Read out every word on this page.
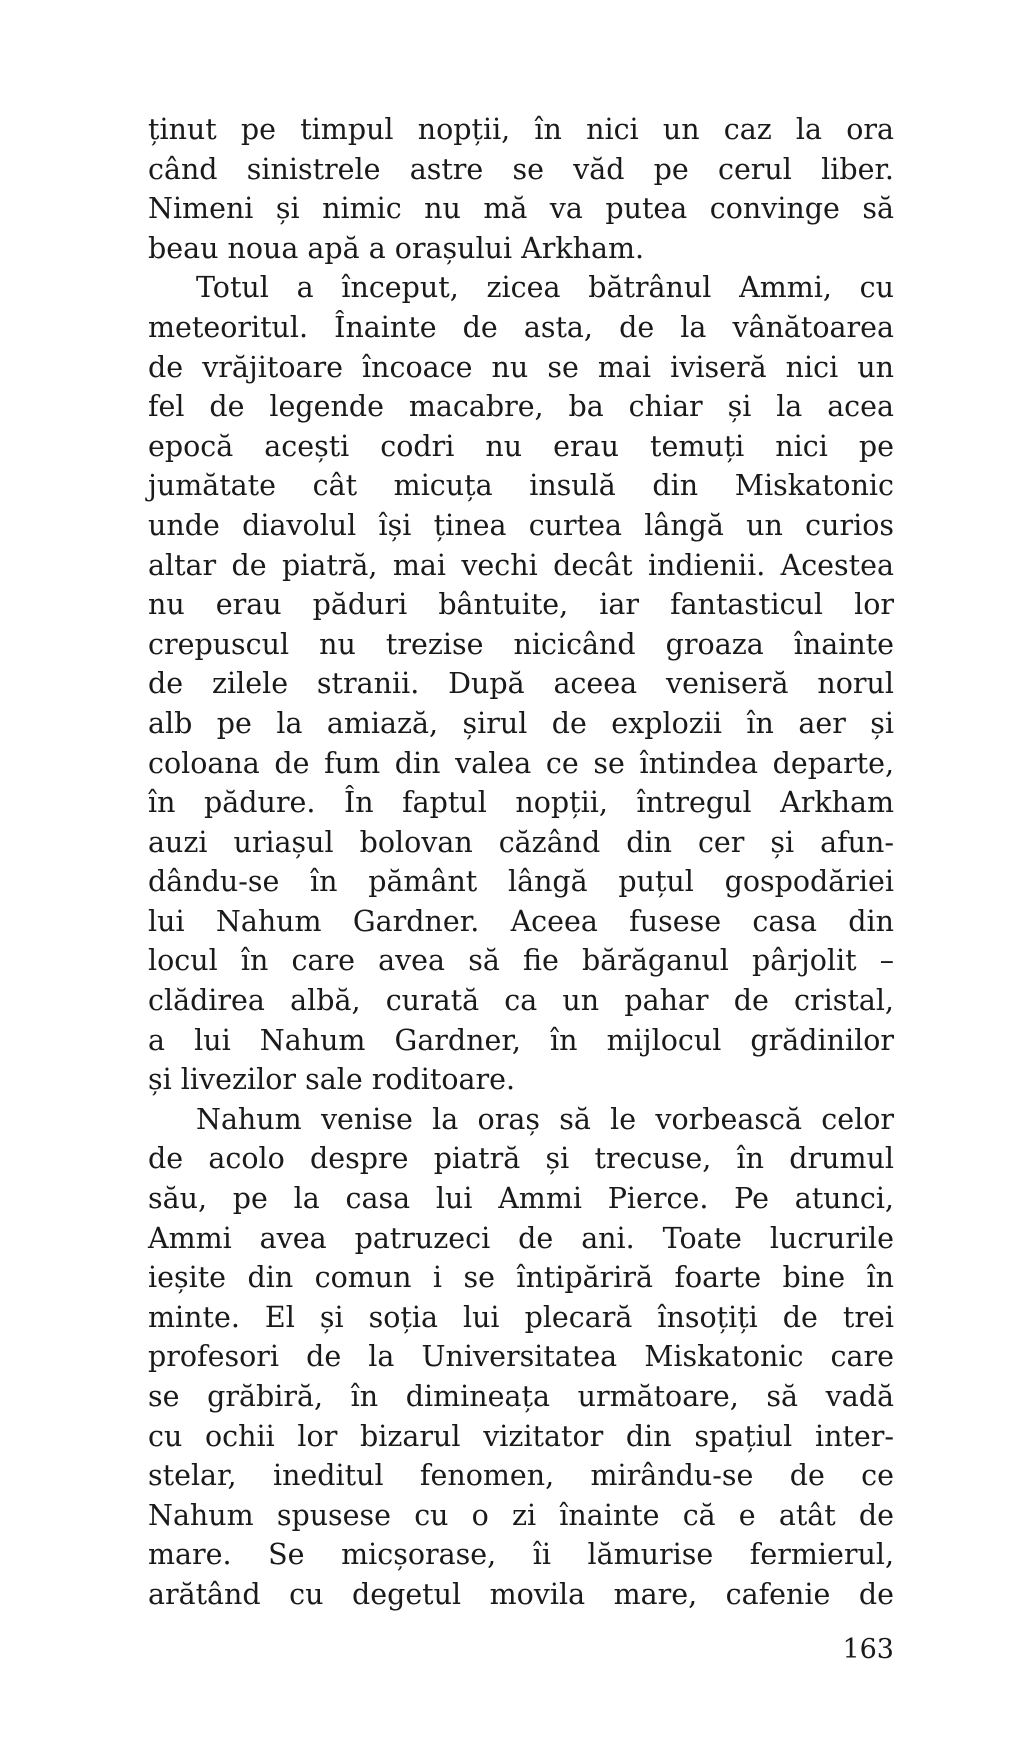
ținut pe timpul nopții, în nici un caz la ora
când sinistrele astre se văd pe cerul liber.
Nimeni și nimic nu mă va putea convinge să
beau noua apă a orașului Arkham.
Totul a început, zicea bătrânul Ammi, cu
meteoritul. Înainte de asta, de la vânătoarea
de vrăjitoare încoace nu se mai iviseră nici un
fel de legende macabre, ba chiar și la acea
epocă acești codri nu erau temuți nici pe
jumătate cât micuța insulă din Miskatonic
unde diavolul își ținea curtea lângă un curios
altar de piatră, mai vechi decât indienii. Acestea
nu erau păduri bântuite, iar fantasticul lor
crepuscul nu trezise nicicând groaza înainte
de zilele stranii. După aceea veniseră norul
alb pe la amiază, șirul de explozii în aer și
coloana de fum din valea ce se întindea departe,
în pădure. În faptul nopții, întregul Arkham
auzi uriașul bolovan căzând din cer și afun-
dându-se în pământ lângă puțul gospodăriei
lui Nahum Gardner. Aceea fusese casa din
locul în care avea să fie bărăganul pârjolit –
clădirea albă, curată ca un pahar de cristal,
a lui Nahum Gardner, în mijlocul grădinilor
și livezilor sale roditoare.
Nahum venise la oraș să le vorbească celor
de acolo despre piatră și trecuse, în drumul
său, pe la casa lui Ammi Pierce. Pe atunci,
Ammi avea patruzeci de ani. Toate lucrurile
ieșite din comun i se întipăriră foarte bine în
minte. El și soția lui plecară însoțiți de trei
profesori de la Universitatea Miskatonic care
se grăbiră, în dimineața următoare, să vadă
cu ochii lor bizarul vizitator din spațiul inter-
stelar, ineditul fenomen, mirându-se de ce
Nahum spusese cu o zi înainte că e atât de
mare. Se micșorase, îi lămurise fermierul,
arătând cu degetul movila mare, cafenie de
163
